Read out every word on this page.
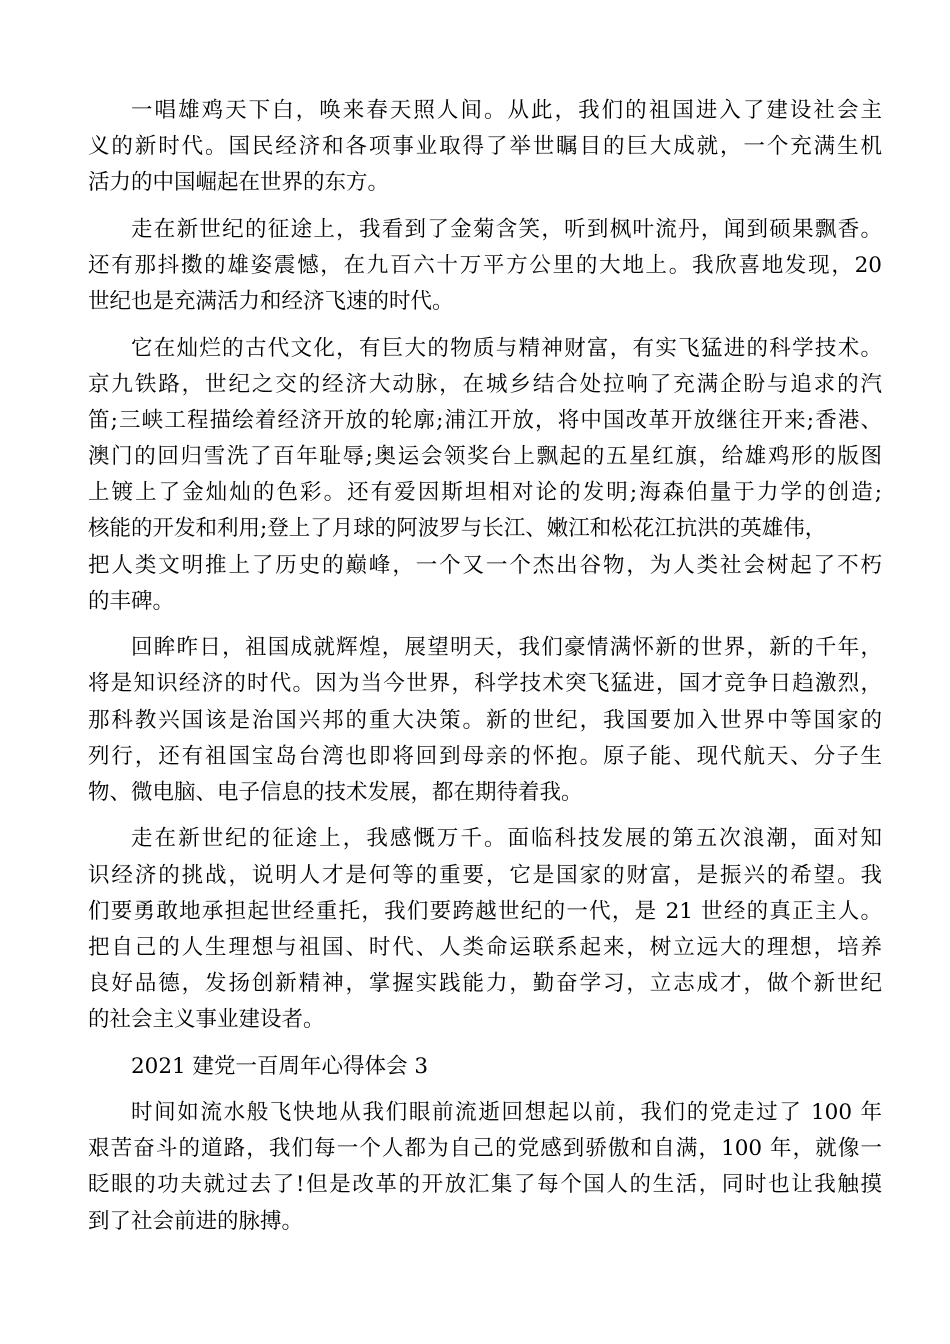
一唱雄鸡天下白，唤来春天照人间。从此，我们的祖国进入了建设社会主
义的新时代。国民经济和各项事业取得了举世瞩目的巨大成就，一个充满生机
活力的中国崛起在世界的东方。
走在新世纪的征途上，我看到了金菊含笑，听到枫叶流丹，闻到硕果飘香。
还有那抖擞的雄姿震憾，在九百六十万平方公里的大地上。我欣喜地发现，20
世纪也是充满活力和经济飞速的时代。
它在灿烂的古代文化，有巨大的物质与精神财富，有实飞猛进的科学技术。
京九铁路，世纪之交的经济大动脉，在城乡结合处拉响了充满企盼与追求的汽
笛;三峡工程描绘着经济开放的轮廓;浦江开放，将中国改革开放继往开来;香港、
澳门的回归雪洗了百年耻辱;奥运会领奖台上飘起的五星红旗，给雄鸡形的版图
上镀上了金灿灿的色彩。还有爱因斯坦相对论的发明;海森伯量于力学的创造;
核能的开发和利用;登上了月球的阿波罗与长江、嫩江和松花江抗洪的英雄伟，
把人类文明推上了历史的巅峰，一个又一个杰出谷物，为人类社会树起了不朽
的丰碑。
回眸昨日，祖国成就辉煌，展望明天，我们豪情满怀新的世界，新的千年，
将是知识经济的时代。因为当今世界，科学技术突飞猛进，国才竞争日趋激烈，
那科教兴国该是治国兴邦的重大决策。新的世纪，我国要加入世界中等国家的
列行，还有祖国宝岛台湾也即将回到母亲的怀抱。原子能、现代航天、分子生
物、微电脑、电子信息的技术发展，都在期待着我。
走在新世纪的征途上，我感慨万千。面临科技发展的第五次浪潮，面对知
识经济的挑战，说明人才是何等的重要，它是国家的财富，是振兴的希望。我
们要勇敢地承担起世经重托，我们要跨越世纪的一代，是 21 世经的真正主人。
把自己的人生理想与祖国、时代、人类命运联系起来，树立远大的理想，培养
良好品德，发扬创新精神，掌握实践能力，勤奋学习，立志成才，做个新世纪
的社会主义事业建设者。
2021 建党一百周年心得体会 3
时间如流水般飞快地从我们眼前流逝回想起以前，我们的党走过了 100 年
艰苦奋斗的道路，我们每一个人都为自己的党感到骄傲和自满，100 年，就像一
眨眼的功夫就过去了!但是改革的开放汇集了每个国人的生活，同时也让我触摸
到了社会前进的脉搏。
